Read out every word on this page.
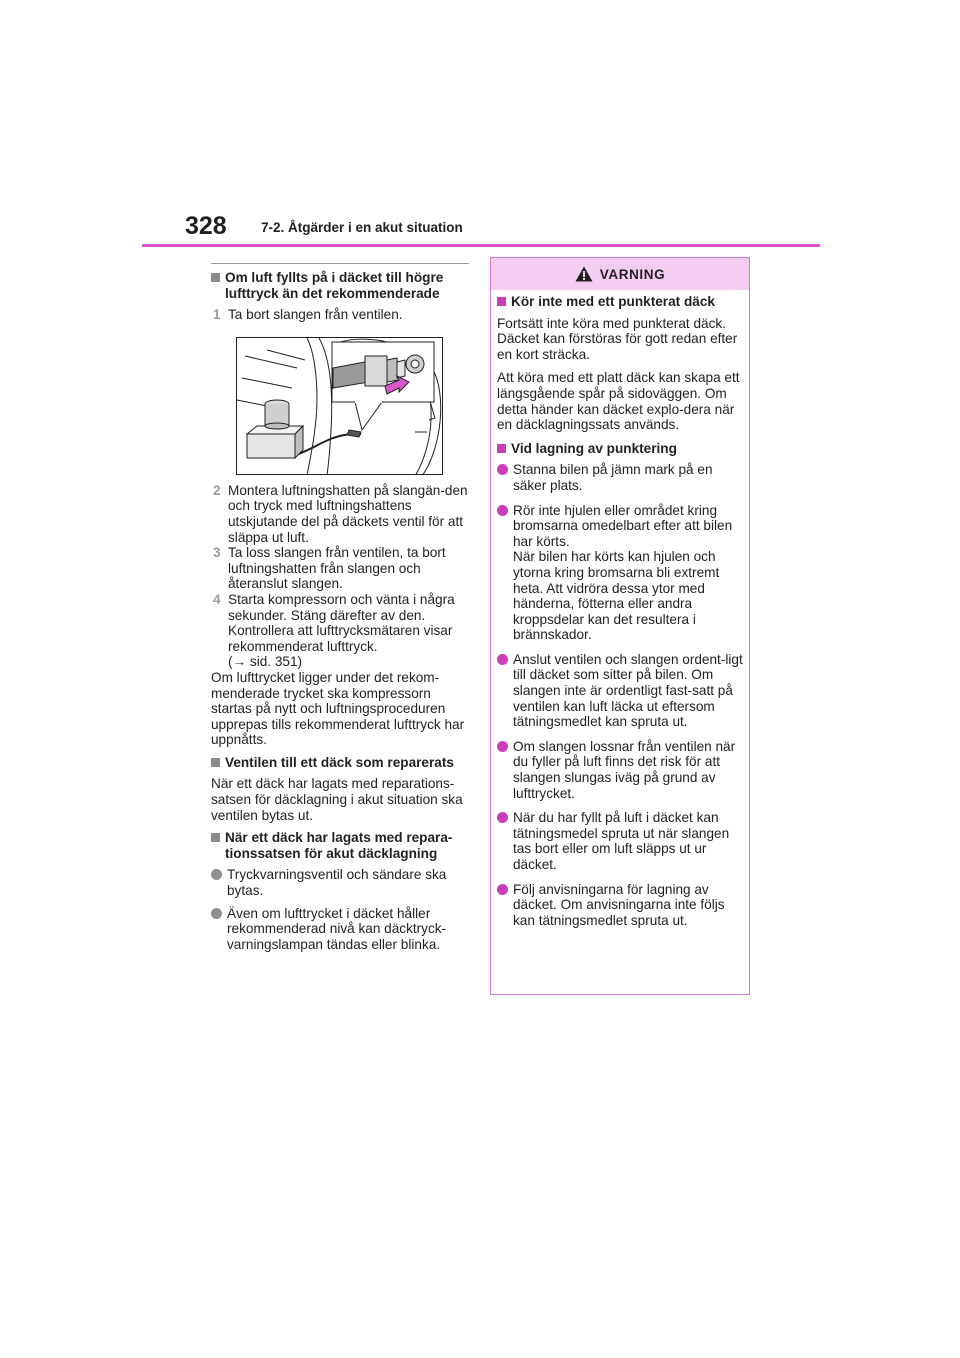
328	7-2. Åtgärder i en akut situation
Om luft fyllts på i däcket till högre lufttryck än det rekommenderade
1 Ta bort slangen från ventilen.
2 Montera luftningshatten på slangän-den och tryck med luftningshattens utskjutande del på däckets ventil för att släppa ut luft.
3 Ta loss slangen från ventilen, ta bort luftningshatten från slangen och återanslut slangen.
4 Starta kompressorn och vänta i några sekunder. Stäng därefter av den. Kontrollera att lufttrycksmätaren visar rekommenderat lufttryck.
(→ sid. 351)
Om lufttrycket ligger under det rekom-menderade trycket ska kompressorn startas på nytt och luftningsproceduren upprepas tills rekommenderat lufttryck har uppnåtts.
Ventilen till ett däck som reparerats
När ett däck har lagats med reparations-satsen för däcklagning i akut situation ska ventilen bytas ut.
När ett däck har lagats med repara-tionssatsen för akut däcklagning
Tryckvarningsventil och sändare ska bytas.
Även om lufttrycket i däcket håller rekommenderad nivå kan däcktryck-varningslampan tändas eller blinka.
VARNING
Kör inte med ett punkterat däck
Fortsätt inte köra med punkterat däck. Däcket kan förstöras för gott redan efter en kort sträcka.
Att köra med ett platt däck kan skapa ett längsgående spår på sidoväggen. Om detta händer kan däcket explo-dera när en däcklagningssats används.
Vid lagning av punktering
Stanna bilen på jämn mark på en säker plats.
Rör inte hjulen eller området kring bromsarna omedelbart efter att bilen har körts.
När bilen har körts kan hjulen och ytorna kring bromsarna bli extremt heta. Att vidröra dessa ytor med händerna, fötterna eller andra kroppsdelar kan det resultera i brännskador.
Anslut ventilen och slangen ordent-ligt till däcket som sitter på bilen. Om slangen inte är ordentligt fast-satt på ventilen kan luft läcka ut eftersom tätningsmedlet kan spruta ut.
Om slangen lossnar från ventilen när du fyller på luft finns det risk för att slangen slungas iväg på grund av lufttrycket.
När du har fyllt på luft i däcket kan tätningsmedel spruta ut när slangen tas bort eller om luft släpps ut ur däcket.
Följ anvisningarna för lagning av däcket. Om anvisningarna inte följs kan tätningsmedlet spruta ut.
